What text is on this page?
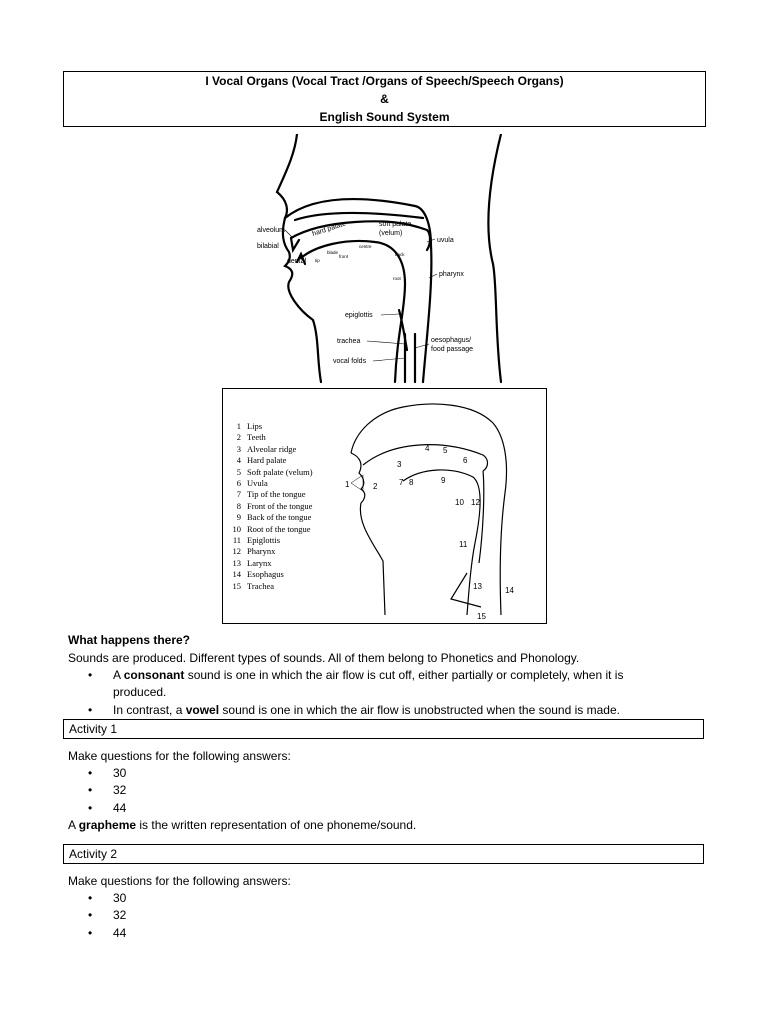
I Vocal Organs (Vocal Tract /Organs of Speech/Speech Organs)
&
English Sound System
alveolum	hard palate	soft palate
(velum)
uvula
bilabial
dental
pharynx
epiglottis
trachea	oesophagus/
food passage
vocal folds
tip
blade
front
centre
back
root
1 Lips
2 Teeth
3 Alveolar ridge
4 Hard palate
5 Soft palate (velum)
6 Uvula
7 Tip of the tongue
8 Front of the tongue
9 Back of the tongue
10 Root of the tongue
11 Epiglottis
12 Pharynx
13 Larynx
14 Esophagus
15 Trachea
1	2
3
4 5
6
7 8	9
10
11
12
13	14
15
What happens there?
Sounds are produced. Different types of sounds. All of them belong to Phonetics and Phonology.
• A consonant sound is one in which the air flow is cut off, either partially or completely, when it is
produced.
• In contrast, a vowel sound is one in which the air flow is unobstructed when the sound is made.
Activity 1
Make questions for the following answers:
• 30
• 32
• 44
A grapheme is the written representation of one phoneme/sound.
Activity 2
Make questions for the following answers:
• 30
• 32
• 44
